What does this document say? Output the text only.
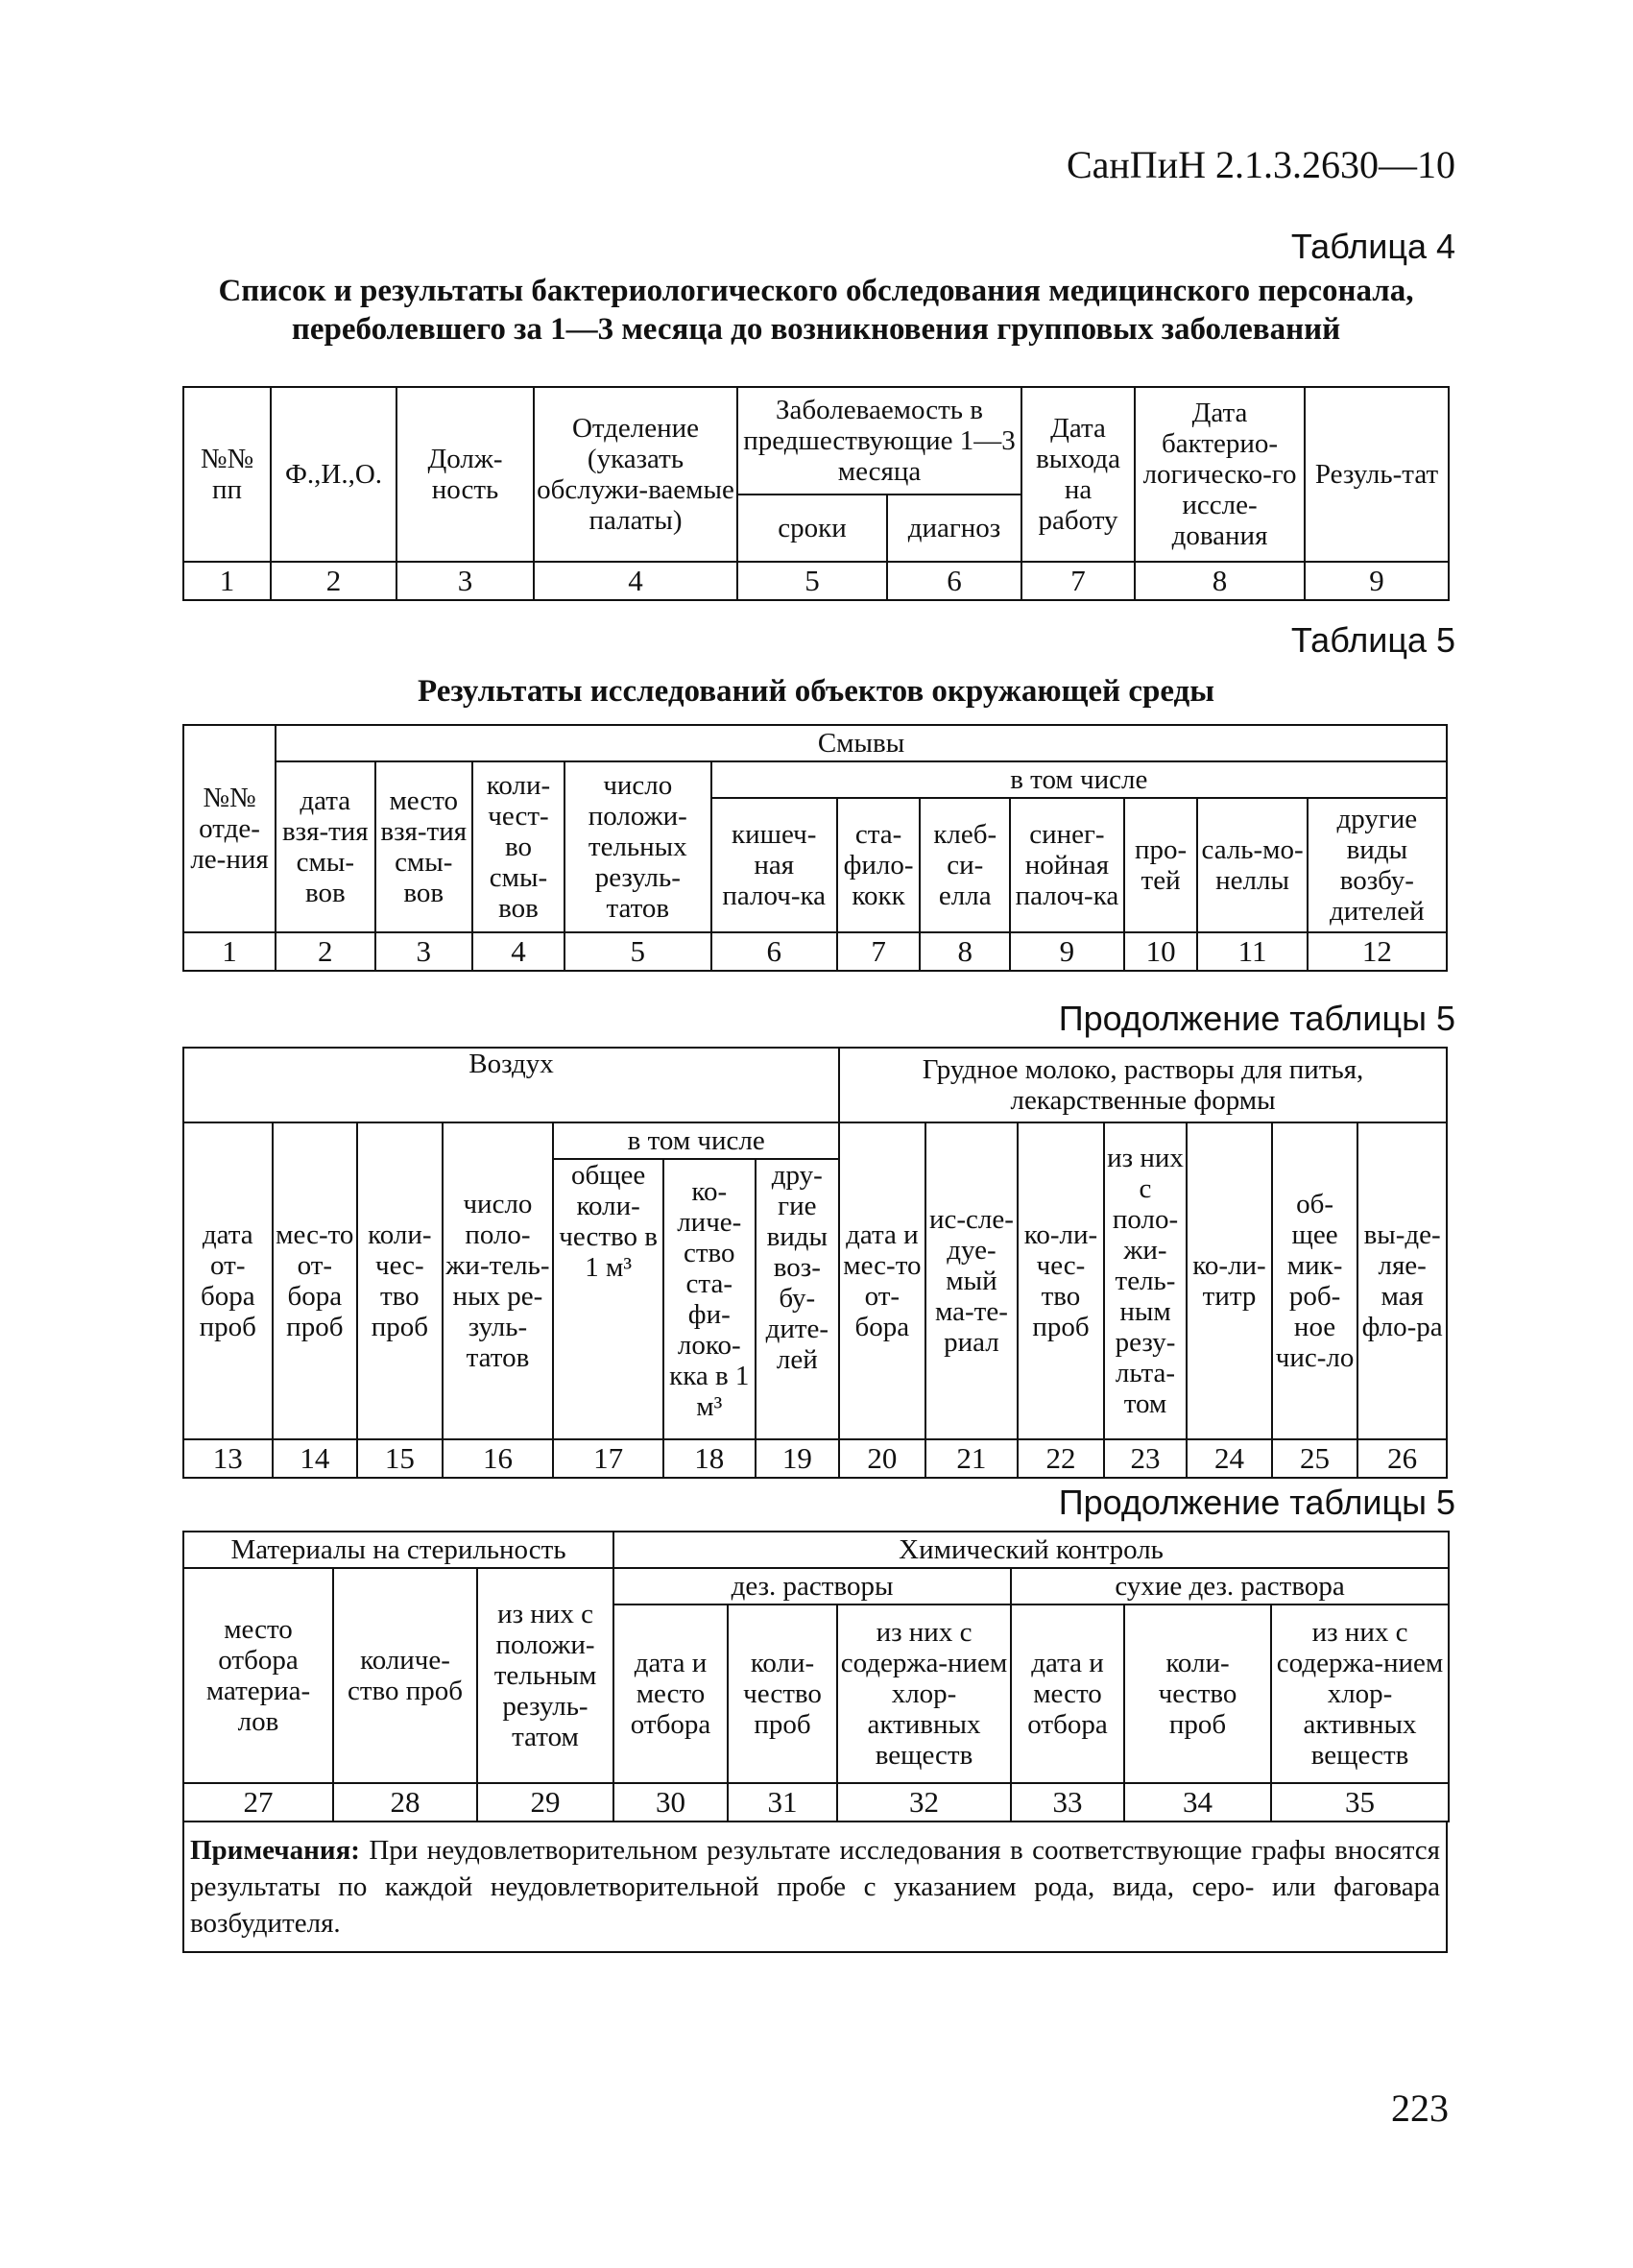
СанПиН 2.1.3.2630—10
Таблица 4
Список и результаты бактериологического обследования медицинского персонала, переболевшего за 1—3 месяца до возникновения групповых заболеваний
№№ пп	Ф.,И.,О.	Долж-ность	Отделение (указать обслужи-ваемые палаты)	Заболеваемость в предшествующие 1—3 месяца		Дата выхода на работу	Дата бактерио-логическо-го иссле-дования	Резуль-тат
				сроки	диагноз			
1	2	3	4	5	6	7	8	9
Таблица 5
Результаты исследований объектов окружающей среды
№№ отде-ле-ния	Смывы										
	дата взя-тия смы-вов	место взя-тия смы-вов	коли-чест-во смы-вов	число положи-тельных резуль-татов	в том числе						
					кишеч-ная палоч-ка	ста-фило-кокк	клеб-си-елла	синег-нойная палоч-ка	про-тей	саль-мо-неллы	другие виды возбу-дителей
1	2	3	4	5	6	7	8	9	10	11	12
Продолжение таблицы 5
Воздух							Грудное молоко, растворы для питья, лекарственные формы						
дата от-бора проб	мес-то от-бора проб	коли-чес-тво проб	число поло-жи-тель-ных ре-зуль-татов	в том числе			дата и мес-то от-бора	ис-сле-дуе-мый ма-те-риал	ко-ли-чес-тво проб	из них с поло-жи-тель-ным резу-льта-том	ко-ли-титр	об-щее мик-роб-ное чис-ло	вы-де-ляе-мая фло-ра
				общее коли-чество в 1 м³	ко-личе-ство ста-фи-локо-кка в 1 м³	дру-гие виды воз-бу-дите-лей							
13	14	15	16	17	18	19	20	21	22	23	24	25	26
Продолжение таблицы 5
Материалы на стерильность			Химический контроль					
место отбора материа-лов	количе-ство проб	из них с положи-тельным резуль-татом	дез. растворы			сухие дез. раствора		
			дата и место отбора	коли-чество проб	из них с содержа-нием хлор-активных веществ	дата и место отбора	коли-чество проб	из них с содержа-нием хлор-активных веществ
27	28	29	30	31	32	33	34	35
Примечания: При неудовлетворительном результате исследования в соответствующие графы вносятся результаты по каждой неудовлетворительной пробе с указанием рода, вида, серо- или фаговара возбудителя.
223
